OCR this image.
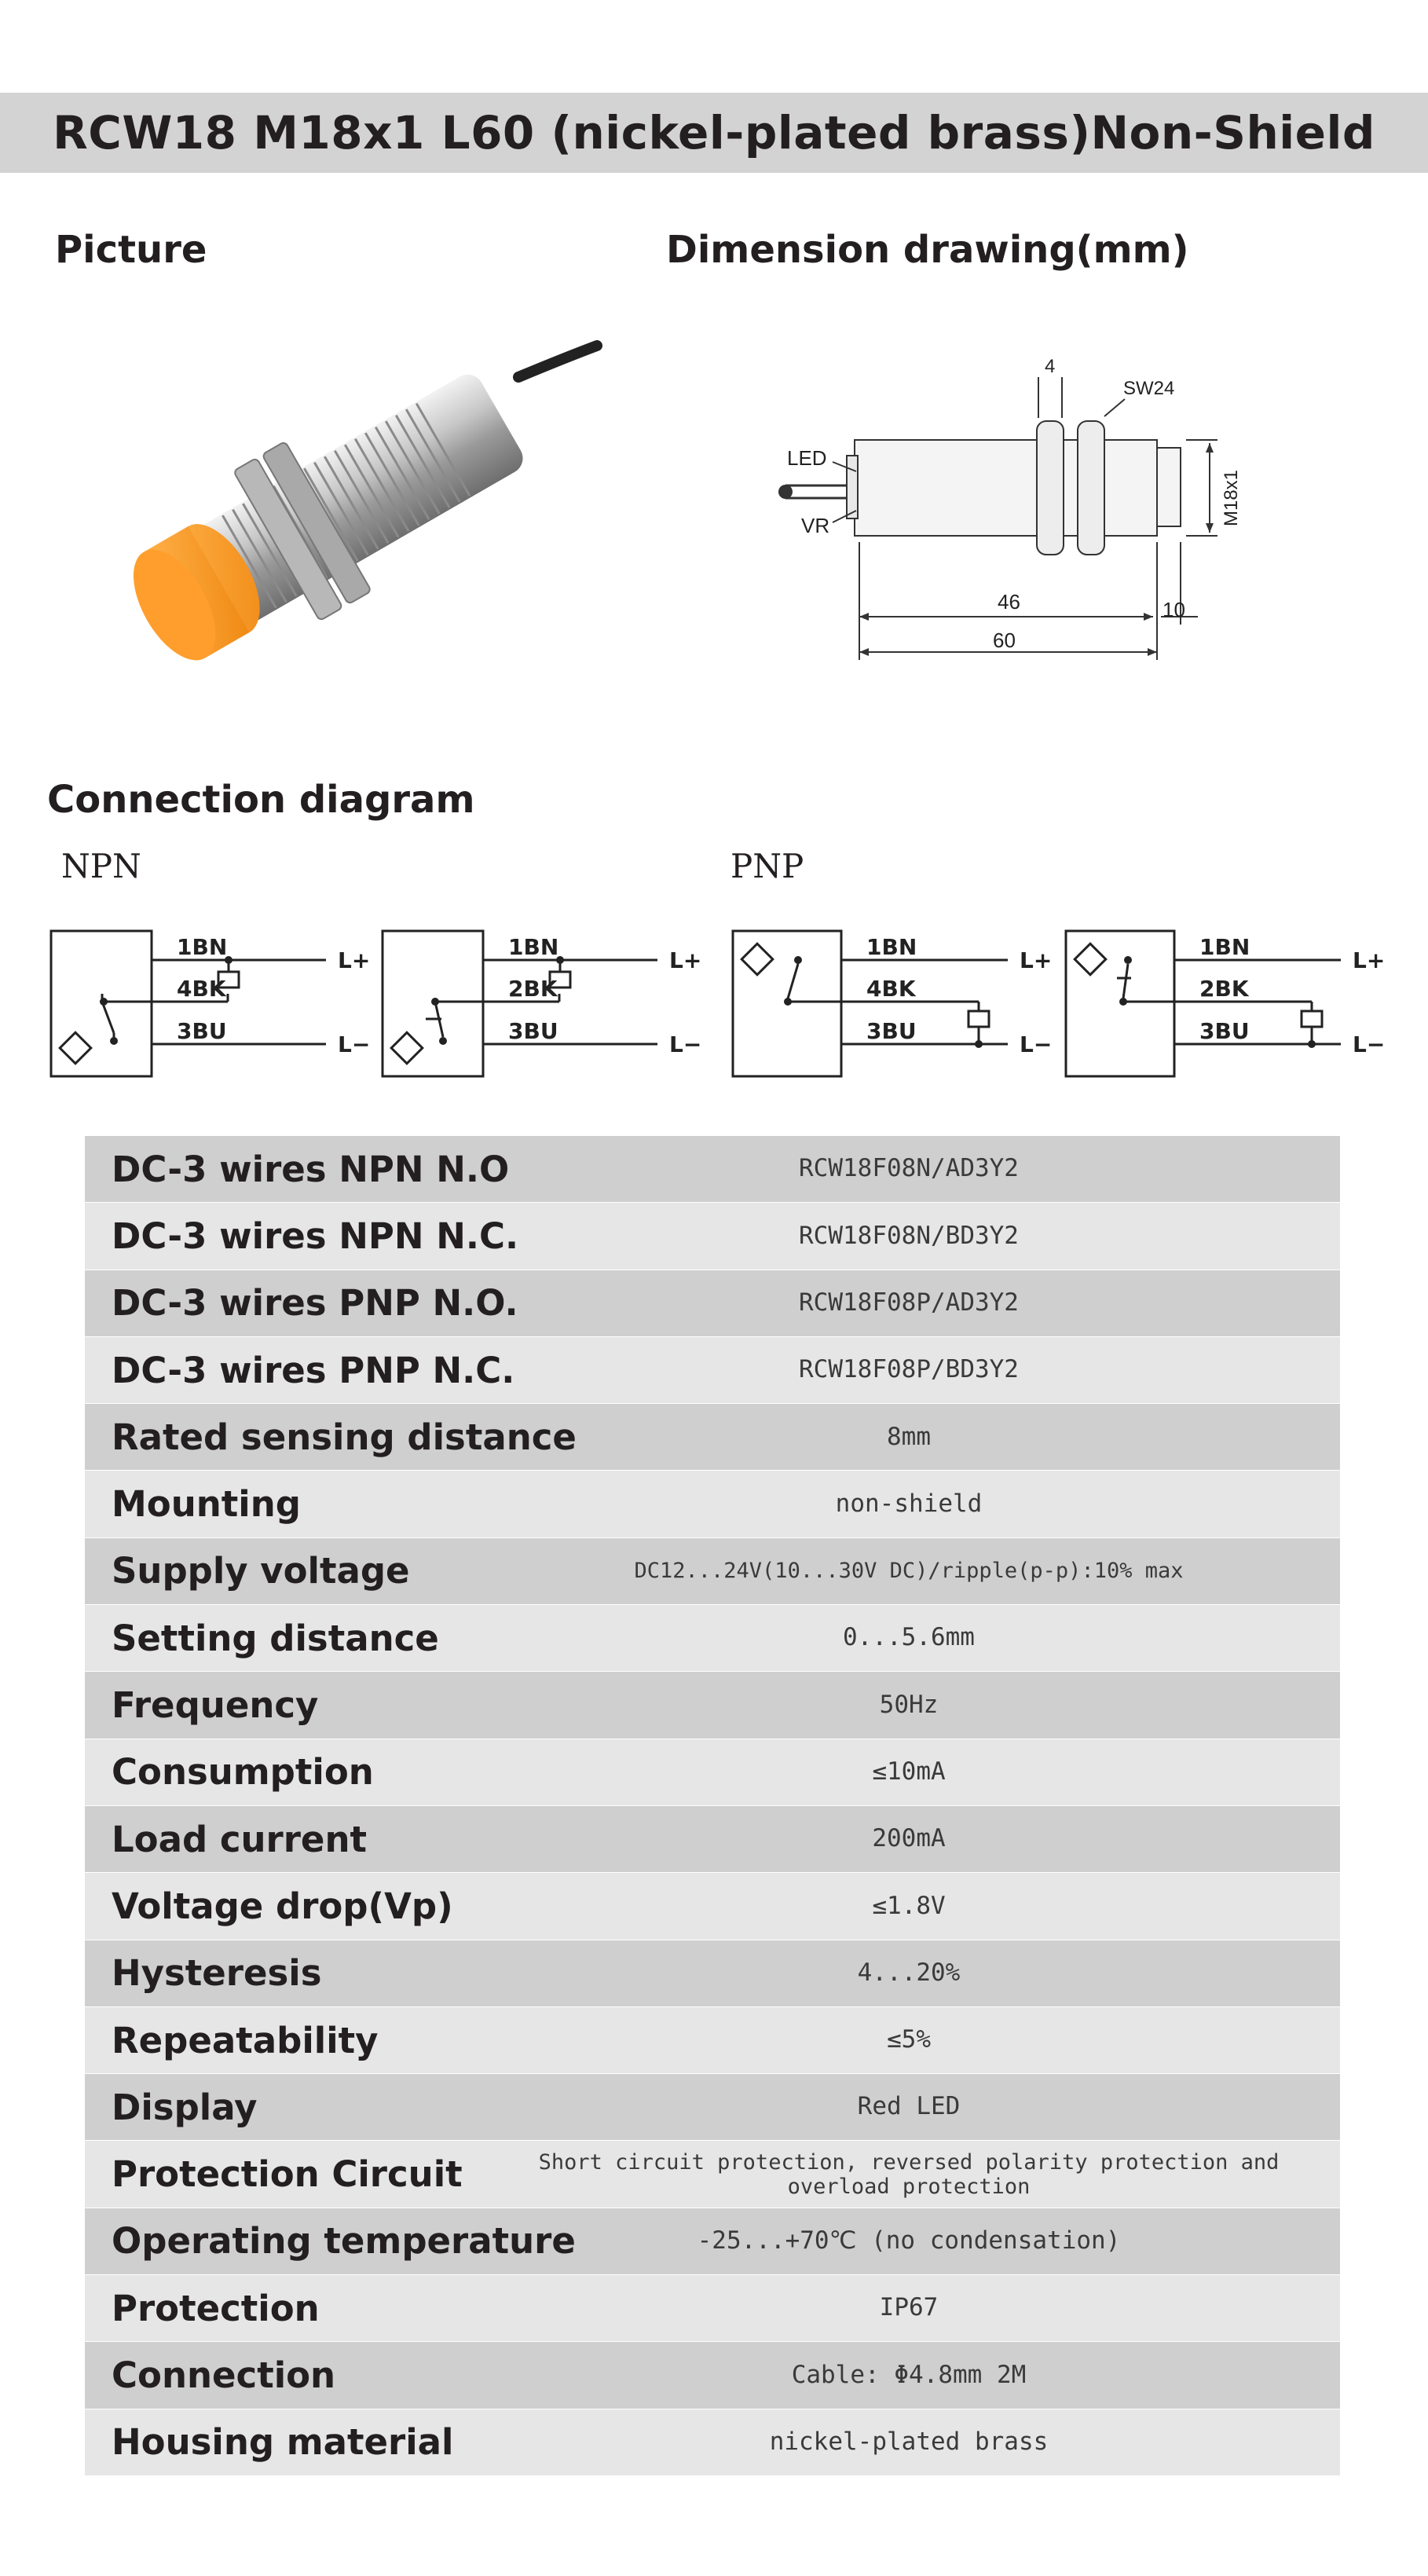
RCW18 M18x1 L60 (nickel-plated brass)Non-Shield
Picture	Dimension drawing(mm)
LED
VR
4
SW24
M18x1
46	10
60
Connection diagram
NPN	PNP
1BN
4BK
3BU
L+
L−
1BN
2BK
3BU
L+
L−
1BN
4BK
3BU
L+
L−
1BN
2BK
3BU
L+
L−
DC-3 wires NPN N.O	RCW18F08N/AD3Y2
DC-3 wires NPN N.C.	RCW18F08N/BD3Y2
DC-3 wires PNP N.O.	RCW18F08P/AD3Y2
DC-3 wires PNP N.C.	RCW18F08P/BD3Y2
Rated sensing distance	8mm
Mounting	non-shield
Supply voltage	DC12...24V(10...30V DC)/ripple(p-p):10% max
Setting distance	0...5.6mm
Frequency	50Hz
Consumption	≤10mA
Load current	200mA
Voltage drop(Vp)	≤1.8V
Hysteresis	4...20%
Repeatability	≤5%
Display	Red LED
Protection Circuit	Short circuit protection, reversed polarity protection and overload protection
Operating temperature	-25...+70℃ (no condensation)
Protection	IP67
Connection	Cable: Φ4.8mm 2M
Housing material	nickel-plated brass
